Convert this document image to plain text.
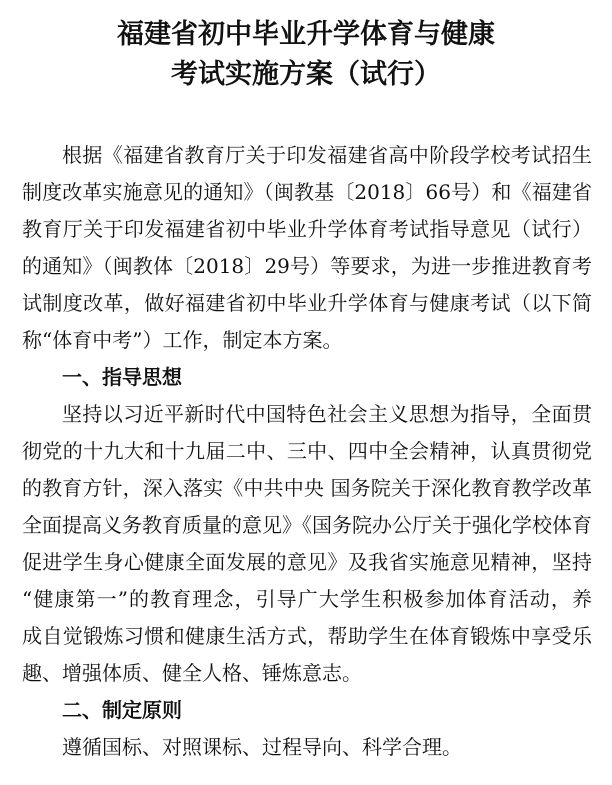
福建省初中毕业升学体育与健康
考试实施方案（试行）
根据《福建省教育厅关于印发福建省高中阶段学校考试招生
制度改革实施意见的通知》（闽教基〔2018〕66号）和《福建省
教育厅关于印发福建省初中毕业升学体育考试指导意见（试行）
的通知》（闽教体〔2018〕29号）等要求，为进一步推进教育考
试制度改革，做好福建省初中毕业升学体育与健康考试（以下简
称“体育中考”）工作，制定本方案。
一、指导思想
坚持以习近平新时代中国特色社会主义思想为指导，全面贯
彻党的十九大和十九届二中、三中、四中全会精神，认真贯彻党
的教育方针，深入落实《中共中央 国务院关于深化教育教学改革
全面提高义务教育质量的意见》《国务院办公厅关于强化学校体育
促进学生身心健康全面发展的意见》及我省实施意见精神，坚持
“健康第一”的教育理念，引导广大学生积极参加体育活动，养
成自觉锻炼习惯和健康生活方式，帮助学生在体育锻炼中享受乐
趣、增强体质、健全人格、锤炼意志。
二、制定原则
遵循国标、对照课标、过程导向、科学合理。
